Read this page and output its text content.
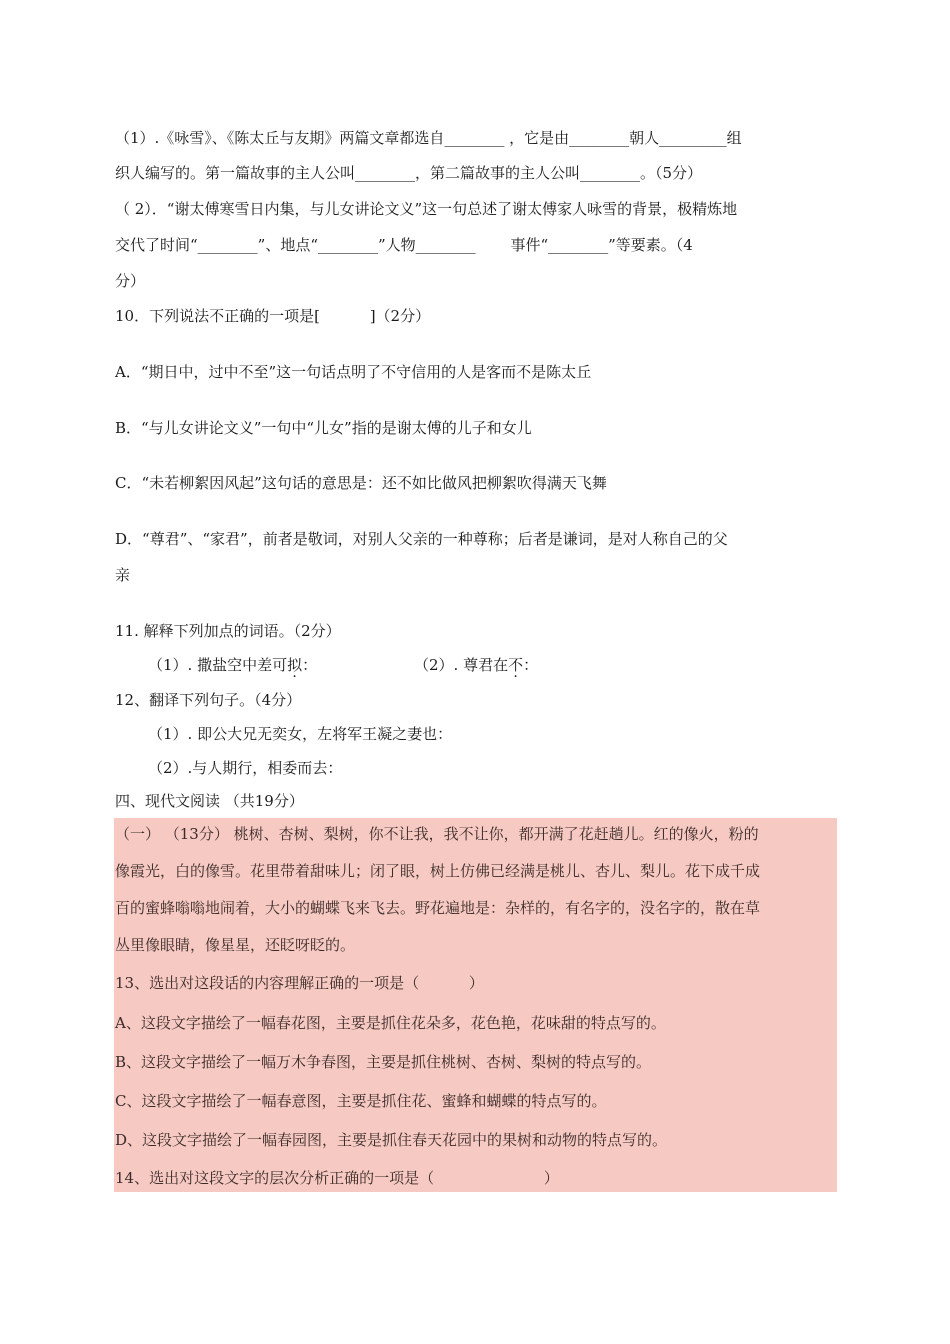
（1）.《咏雪》、《陈太丘与友期》两篇文章都选自________ ，它是由________朝人_________组
织人编写的。第一篇故事的主人公叫________，第二篇故事的主人公叫________。（5分）
（ 2）．“谢太傅寒雪日内集，与儿女讲论文义”这一句总述了谢太傅家人咏雪的背景，极精炼地
交代了时间“________”、地点“________”人物________　　 事件“________”等要素。（4
分）
10．下列说法不正确的一项是[　　　 ]（2分）
A．“期日中，过中不至”这一句话点明了不守信用的人是客而不是陈太丘
B．“与儿女讲论文义”一句中“儿女”指的是谢太傅的儿子和女儿
C．“未若柳絮因风起”这句话的意思是：还不如比做风把柳絮吹得满天飞舞
D．“尊君”、“家君”，前者是敬词，对别人父亲的一种尊称；后者是谦词，是对人称自己的父
亲
11. 解释下列加点的词语。（2分）
（1）. 撒盐空中差可拟：	（2）. 尊君在不：
12、翻译下列句子。（4分）
（1）. 即公大兄无奕女，左将军王凝之妻也：
（2）.与人期行，相委而去：
四、现代文阅读 （共19分）
（一） （13分） 桃树、杏树、梨树，你不让我，我不让你，都开满了花赶趟儿。红的像火，粉的
像霞光，白的像雪。花里带着甜味儿；闭了眼，树上仿佛已经满是桃儿、杏儿、梨儿。花下成千成
百的蜜蜂嗡嗡地闹着，大小的蝴蝶飞来飞去。野花遍地是：杂样的，有名字的，没名字的，散在草
丛里像眼睛，像星星，还眨呀眨的。
13、选出对这段话的内容理解正确的一项是（　　　 ）
A、这段文字描绘了一幅春花图，主要是抓住花朵多，花色艳，花味甜的特点写的。
B、这段文字描绘了一幅万木争春图，主要是抓住桃树、杏树、梨树的特点写的。
C、这段文字描绘了一幅春意图，主要是抓住花、蜜蜂和蝴蝶的特点写的。
D、这段文字描绘了一幅春园图，主要是抓住春天花园中的果树和动物的特点写的。
14、选出对这段文字的层次分析正确的一项是（　　　　　　　 ）
